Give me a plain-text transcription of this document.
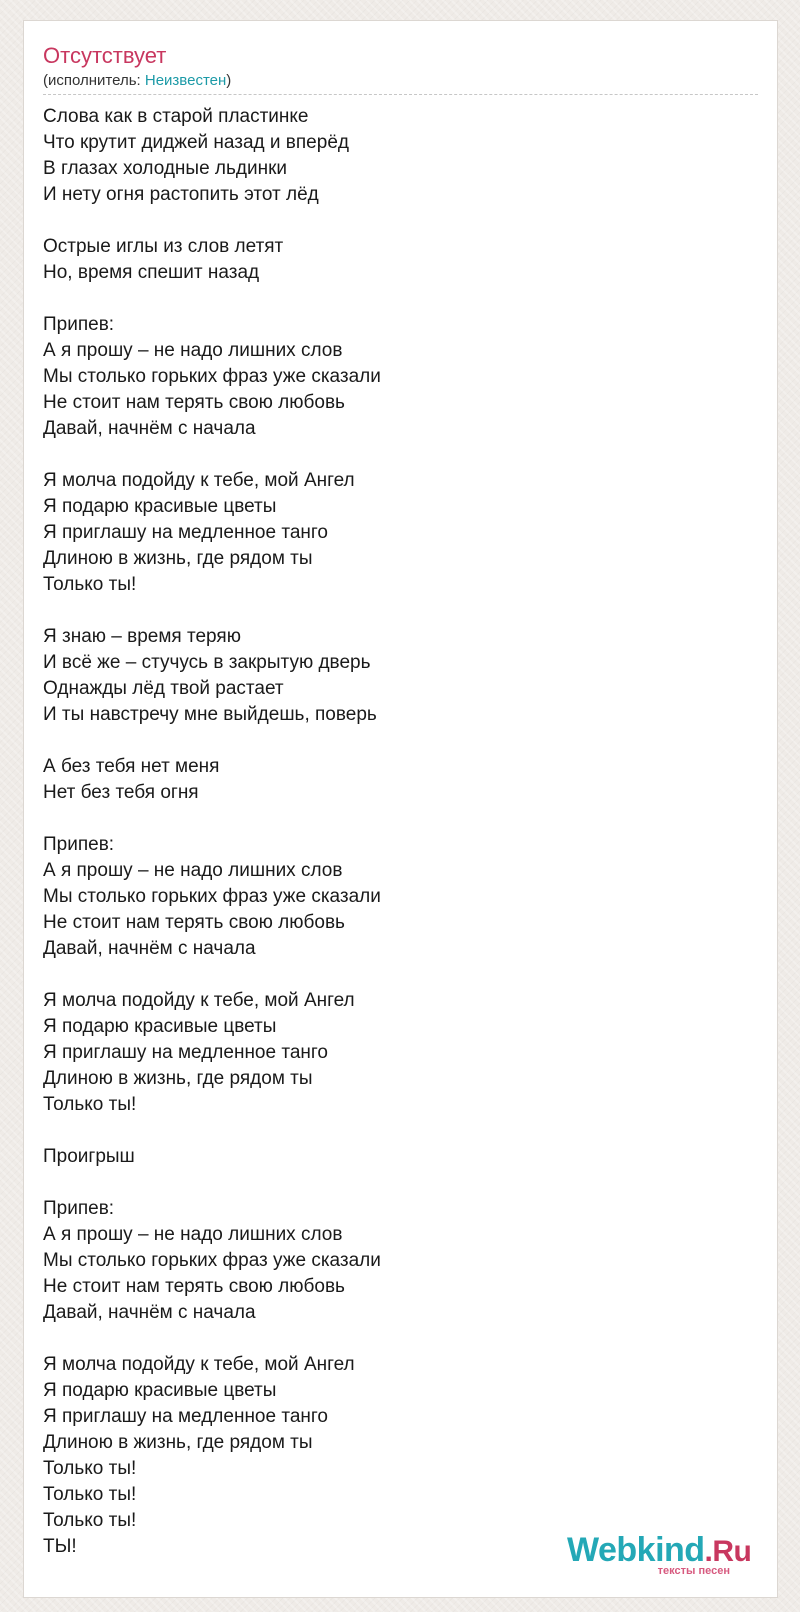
Отсутствует
(исполнитель: Неизвестен)
Слова как в старой пластинке
Что крутит диджей назад и вперёд
В глазах холодные льдинки
И нету огня растопить этот лёд

Острые иглы из слов летят
Но, время спешит назад

Припев:
А я прошу – не надо лишних слов
Мы столько горьких фраз уже сказали
Не стоит нам терять свою любовь
Давай, начнём с начала

Я молча подойду к тебе, мой Ангел
Я подарю красивые цветы
Я приглашу на медленное танго
Длиною в жизнь, где рядом ты
Только ты!

Я знаю – время теряю
И всё же – стучусь в закрытую дверь
Однажды лёд твой растает
И ты навстречу мне выйдешь, поверь

А без тебя нет меня
Нет без тебя огня

Припев:
А я прошу – не надо лишних слов
Мы столько горьких фраз уже сказали
Не стоит нам терять свою любовь
Давай, начнём с начала

Я молча подойду к тебе, мой Ангел
Я подарю красивые цветы
Я приглашу на медленное танго
Длиною в жизнь, где рядом ты
Только ты!

Проигрыш

Припев:
А я прошу – не надо лишних слов
Мы столько горьких фраз уже сказали
Не стоит нам терять свою любовь
Давай, начнём с начала

Я молча подойду к тебе, мой Ангел
Я подарю красивые цветы
Я приглашу на медленное танго
Длиною в жизнь, где рядом ты
Только ты!
Только ты!
Только ты!
ТЫ!	Webkind.Ru
тексты песен
